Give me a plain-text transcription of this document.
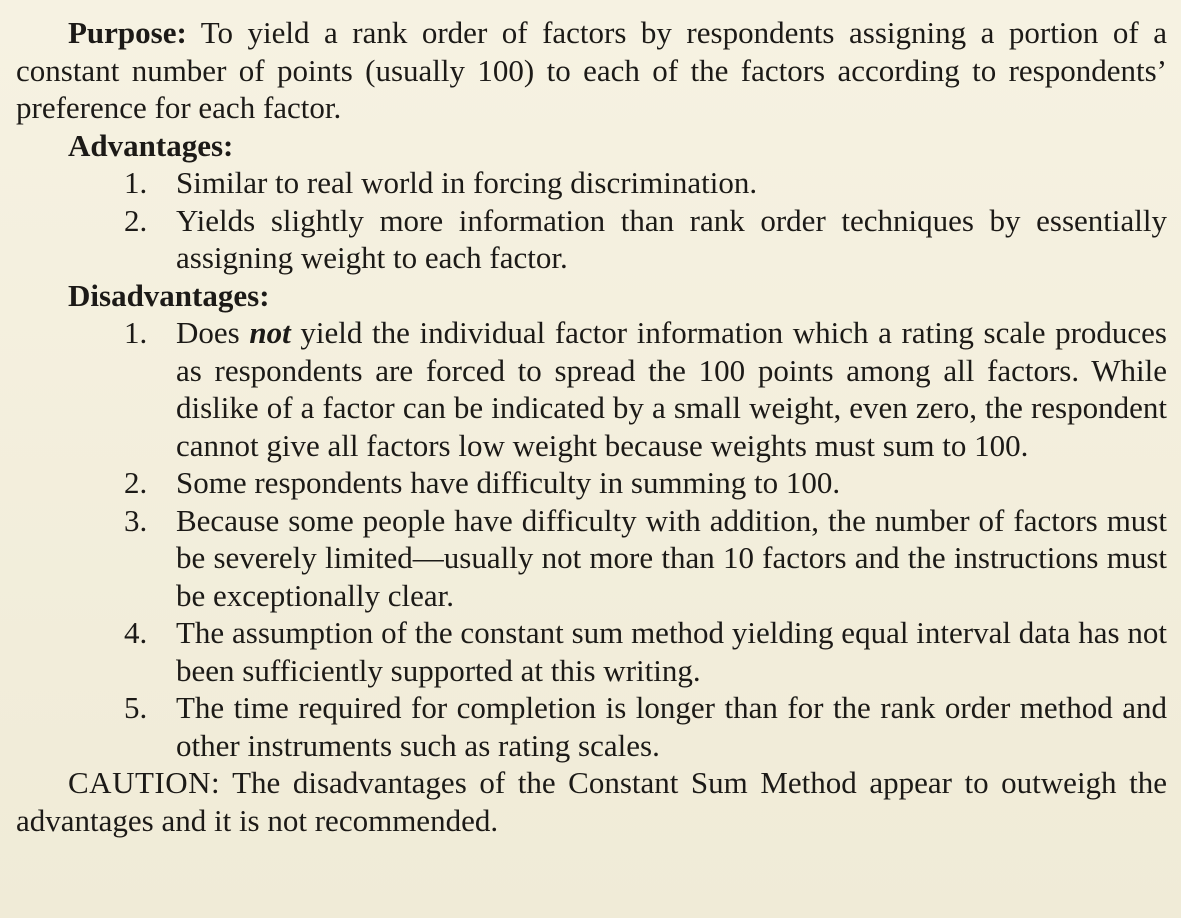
Purpose: To yield a rank order of factors by respondents assigning a portion of a constant number of points (usually 100) to each of the factors according to respondents’ preference for each factor.

Advantages:

1. Similar to real world in forcing discrimination.
2. Yields slightly more information than rank order techniques by essentially assigning weight to each factor.

Disadvantages:

1. Does not yield the individual factor information which a rating scale produces as respondents are forced to spread the 100 points among all factors. While dislike of a factor can be indicated by a small weight, even zero, the respondent cannot give all factors low weight because weights must sum to 100.
2. Some respondents have difficulty in summing to 100.
3. Because some people have difficulty with addition, the number of factors must be severely limited—usually not more than 10 factors and the instructions must be exceptionally clear.
4. The assumption of the constant sum method yielding equal interval data has not been sufficiently supported at this writing.
5. The time required for completion is longer than for the rank order method and other instruments such as rating scales.

CAUTION: The disadvantages of the Constant Sum Method appear to outweigh the advantages and it is not recommended.
